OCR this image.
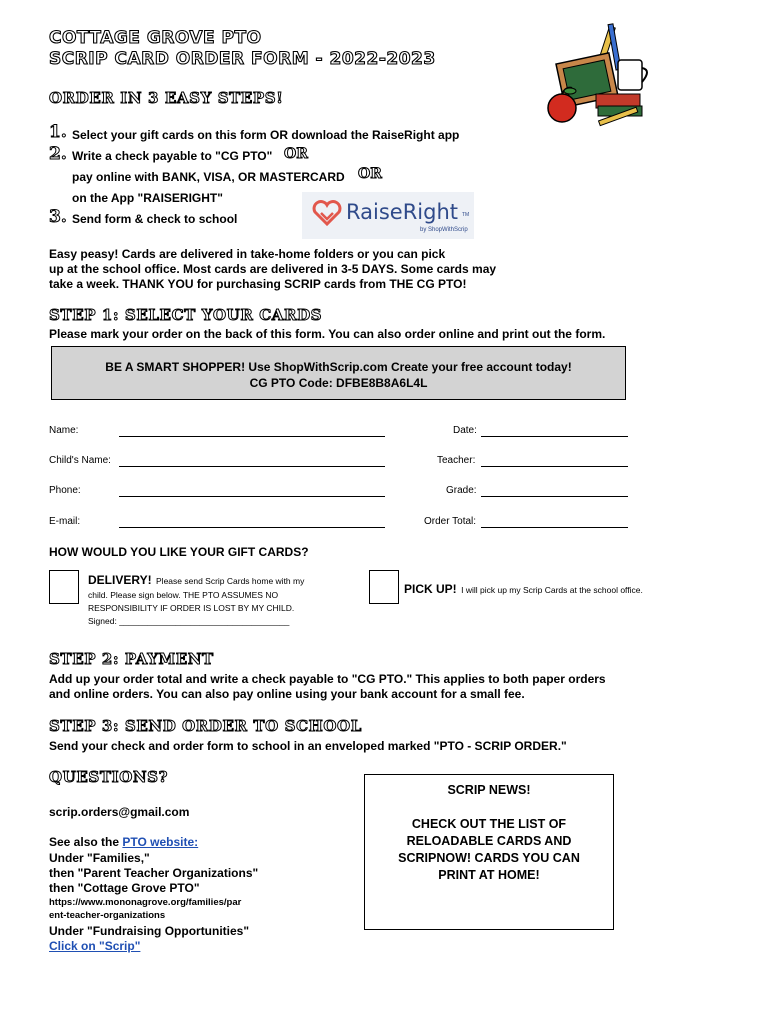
COTTAGE GROVE PTO
SCRIP CARD ORDER FORM - 2022-2023
ORDER IN 3 EASY STEPS!
1. Select your gift cards on this form OR download the RaiseRight app
2. Write a check payable to "CG PTO" OR
pay online with BANK, VISA, OR MASTERCARD OR
on the App "RAISERIGHT"
3. Send form & check to school	RaiseRight TM
by ShopWithScrip
Easy peasy! Cards are delivered in take-home folders or you can pick
up at the school office. Most cards are delivered in 3-5 DAYS. Some cards may
take a week. THANK YOU for purchasing SCRIP cards from THE CG PTO!
STEP 1: SELECT YOUR CARDS
Please mark your order on the back of this form. You can also order online and print out the form.
BE A SMART SHOPPER! Use ShopWithScrip.com Create your free account today!
CG PTO Code: DFBE8B8A6L4L
Name:	Date:
Child's Name:	Teacher:
Phone:	Grade:
E-mail:	Order Total:
HOW WOULD YOU LIKE YOUR GIFT CARDS?
DELIVERY! Please send Scrip Cards home with my
child. Please sign below. THE PTO ASSUMES NO
RESPONSIBILITY IF ORDER IS LOST BY MY CHILD.
PICK UP! I will pick up my Scrip Cards at the school office.
Signed: ____________________________________
STEP 2: PAYMENT
Add up your order total and write a check payable to "CG PTO." This applies to both paper orders
and online orders. You can also pay online using your bank account for a small fee.
STEP 3: SEND ORDER TO SCHOOL
Send your check and order form to school in an enveloped marked "PTO - SCRIP ORDER."
QUESTIONS?
scrip.orders@gmail.com
See also the PTO website:
Under "Families,"
then "Parent Teacher Organizations"
then "Cottage Grove PTO"
https://www.mononagrove.org/families/par
ent-teacher-organizations
Under "Fundraising Opportunities"
Click on "Scrip"
SCRIP NEWS!
CHECK OUT THE LIST OF
RELOADABLE CARDS AND
SCRIPNOW! CARDS YOU CAN
PRINT AT HOME!
